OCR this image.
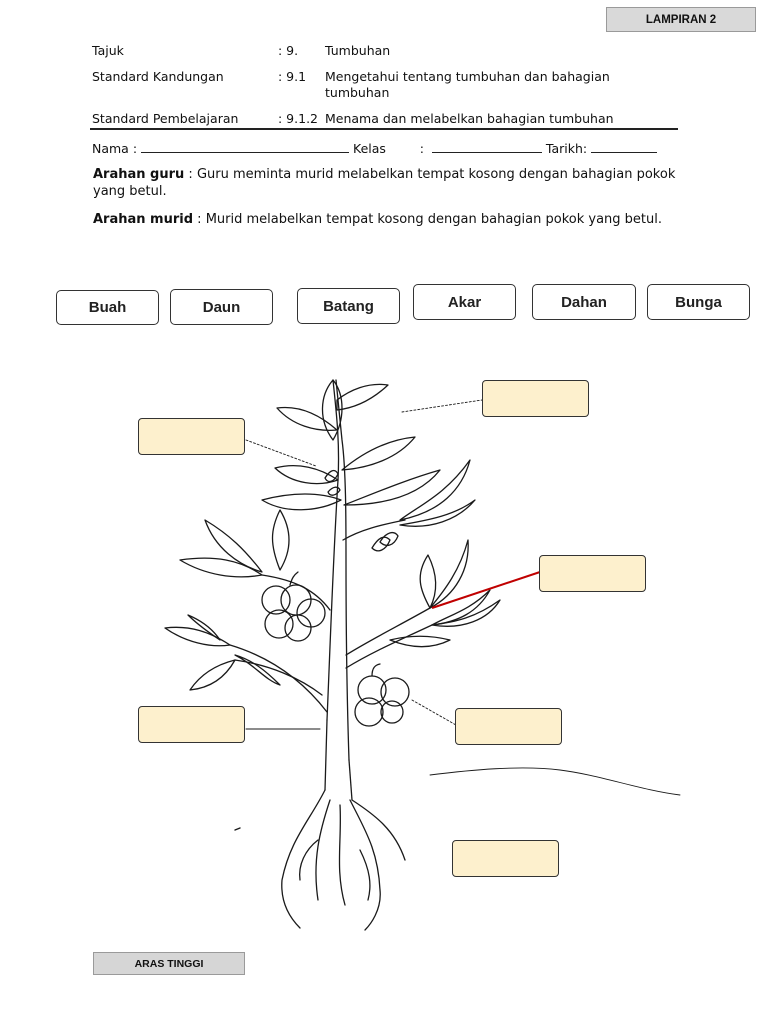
LAMPIRAN 2
Tajuk	: 9.	Tumbuhan
Standard Kandungan	: 9.1	Mengetahui tentang tumbuhan dan bahagian tumbuhan
Standard Pembelajaran	: 9.1.2 Menama dan melabelkan bahagian tumbuhan
Nama :	Kelas	:	Tarikh:
Arahan guru : Guru meminta murid melabelkan tempat kosong dengan bahagian pokok yang betul.
Arahan murid : Murid melabelkan tempat kosong dengan bahagian pokok yang betul.
Buah	Daun	Batang	Akar	Dahan	Bunga
ARAS TINGGI
